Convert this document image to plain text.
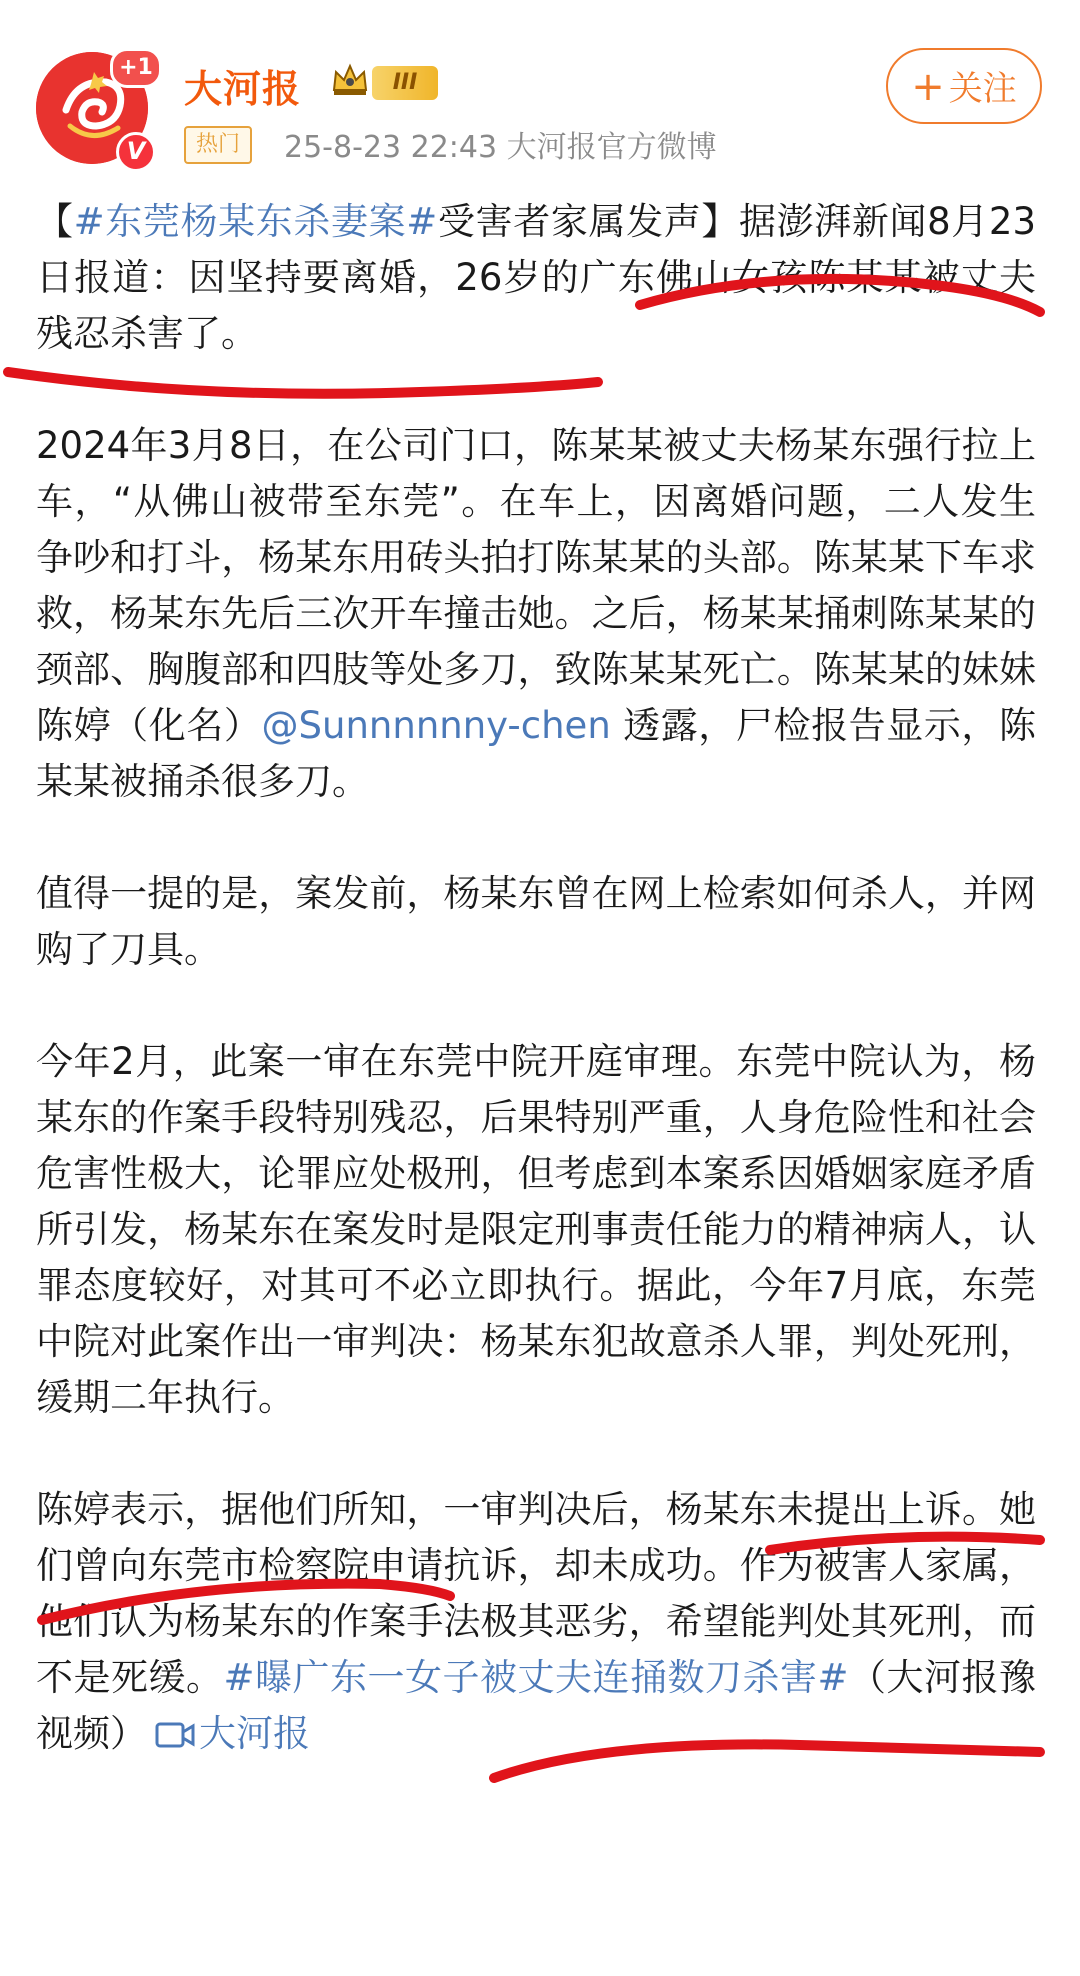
+1
V
大河报	III
热门	25-8-23 22:43 大河报官方微博
+ 关注

【#东莞杨某东杀妻案#受害者家属发声】据澎湃新闻8月23日报道：因坚持要离婚，26岁的广东佛山女孩陈某某被丈夫残忍杀害了。

2024年3月8日，在公司门口，陈某某被丈夫杨某东强行拉上车，“从佛山被带至东莞”。在车上，因离婚问题，二人发生争吵和打斗，杨某东用砖头拍打陈某某的头部。陈某某下车求救，杨某东先后三次开车撞击她。之后，杨某某捅刺陈某某的颈部、胸腹部和四肢等处多刀，致陈某某死亡。陈某某的妹妹陈婷（化名）@Sunnnnnny-chen 透露，尸检报告显示，陈某某被捅杀很多刀。

值得一提的是，案发前，杨某东曾在网上检索如何杀人，并网购了刀具。

今年2月，此案一审在东莞中院开庭审理。东莞中院认为，杨某东的作案手段特别残忍，后果特别严重，人身危险性和社会危害性极大，论罪应处极刑，但考虑到本案系因婚姻家庭矛盾所引发，杨某东在案发时是限定刑事责任能力的精神病人，认罪态度较好，对其可不必立即执行。据此，今年7月底，东莞中院对此案作出一审判决：杨某东犯故意杀人罪，判处死刑，缓期二年执行。

陈婷表示，据他们所知，一审判决后，杨某东未提出上诉。她们曾向东莞市检察院申请抗诉，却未成功。作为被害人家属，他们认为杨某东的作案手法极其恶劣，希望能判处其死刑，而不是死缓。#曝广东一女子被丈夫连捅数刀杀害#（大河报豫视频） 大河报
